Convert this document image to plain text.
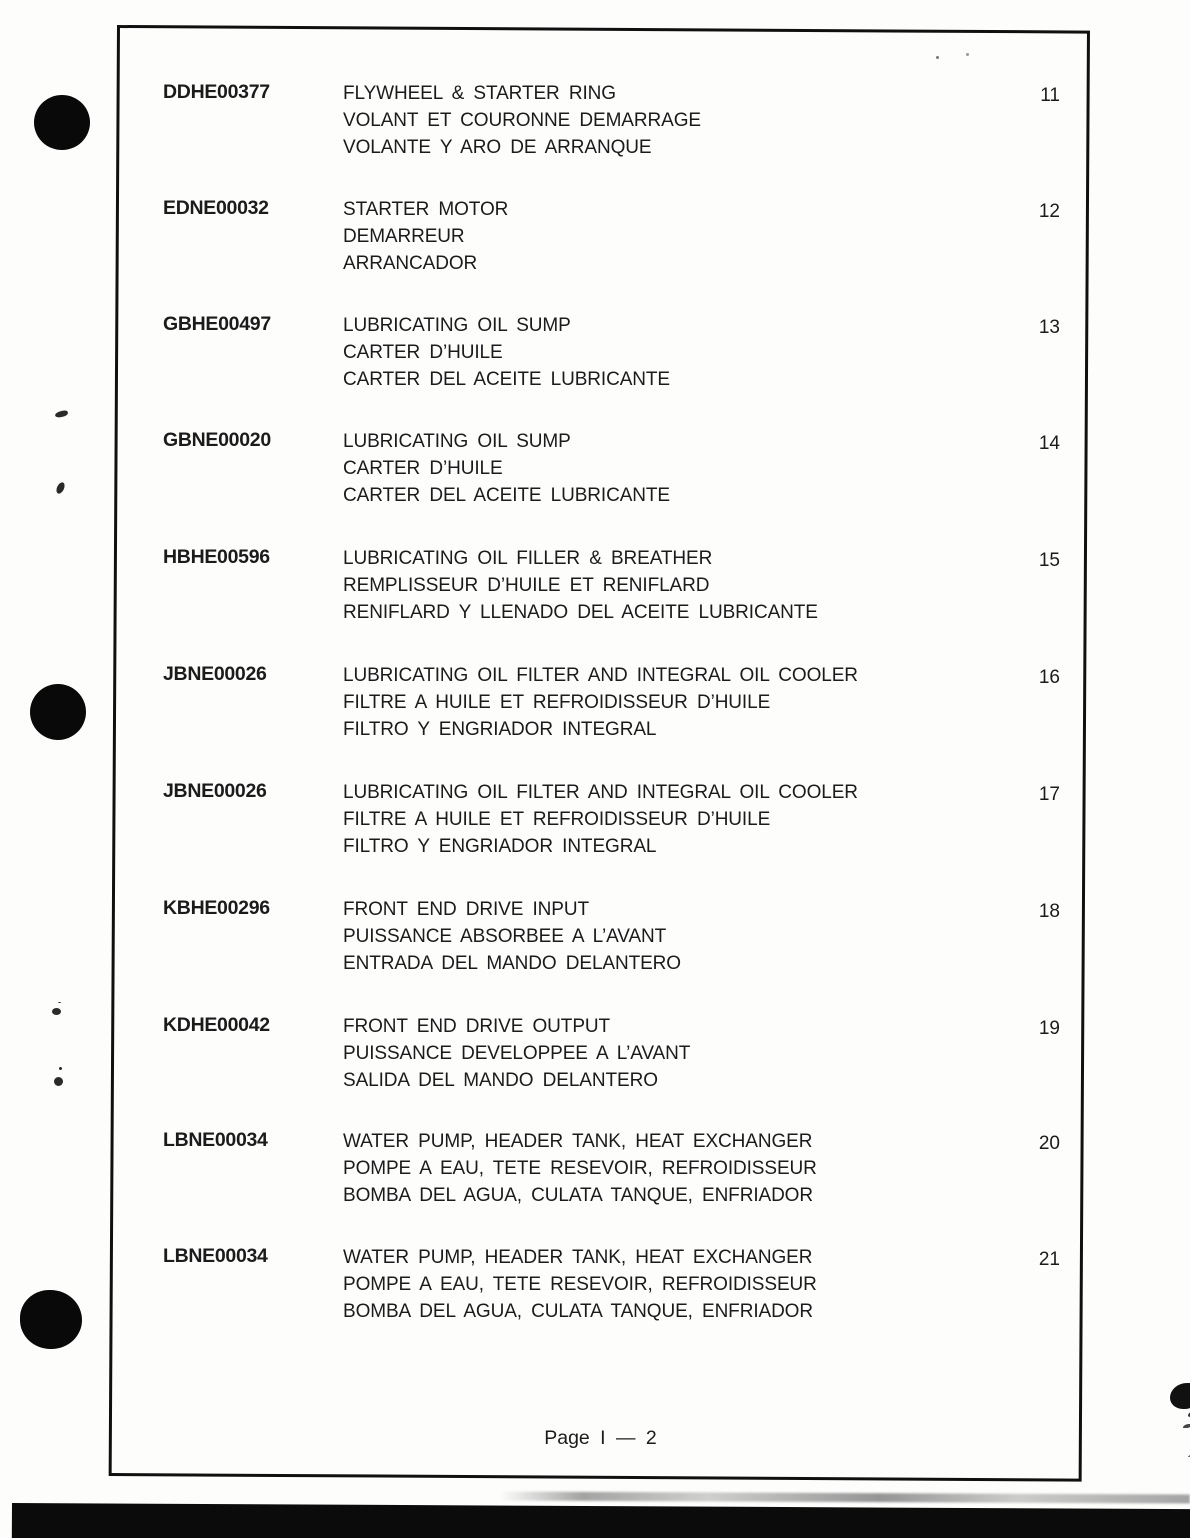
DDHE00377	FLYWHEEL & STARTER RING
VOLANT ET COURONNE DEMARRAGE
VOLANTE Y ARO DE ARRANQUE
11
EDNE00032	STARTER MOTOR
DEMARREUR
ARRANCADOR
12
GBHE00497	LUBRICATING OIL SUMP
CARTER D’HUILE
CARTER DEL ACEITE LUBRICANTE
13
GBNE00020	LUBRICATING OIL SUMP
CARTER D’HUILE
CARTER DEL ACEITE LUBRICANTE
14
HBHE00596	LUBRICATING OIL FILLER & BREATHER
REMPLISSEUR D’HUILE ET RENIFLARD
RENIFLARD Y LLENADO DEL ACEITE LUBRICANTE
15
JBNE00026	LUBRICATING OIL FILTER AND INTEGRAL OIL COOLER
FILTRE A HUILE ET REFROIDISSEUR D’HUILE
FILTRO Y ENGRIADOR INTEGRAL
16
JBNE00026	LUBRICATING OIL FILTER AND INTEGRAL OIL COOLER
FILTRE A HUILE ET REFROIDISSEUR D’HUILE
FILTRO Y ENGRIADOR INTEGRAL
17
KBHE00296	FRONT END DRIVE INPUT
PUISSANCE ABSORBEE A L’AVANT
ENTRADA DEL MANDO DELANTERO
18
KDHE00042	FRONT END DRIVE OUTPUT
PUISSANCE DEVELOPPEE A L’AVANT
SALIDA DEL MANDO DELANTERO
19
LBNE00034	WATER PUMP, HEADER TANK, HEAT EXCHANGER
POMPE A EAU, TETE RESEVOIR, REFROIDISSEUR
BOMBA DEL AGUA, CULATA TANQUE, ENFRIADOR
20
LBNE00034	WATER PUMP, HEADER TANK, HEAT EXCHANGER
POMPE A EAU, TETE RESEVOIR, REFROIDISSEUR
BOMBA DEL AGUA, CULATA TANQUE, ENFRIADOR
21
Page I — 2
